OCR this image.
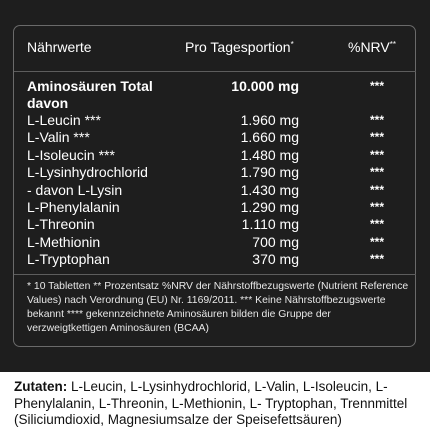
Nährwerte	Pro Tagesportion*	%NRV**
Aminosäuren Total	10.000 mg	***
davon
L-Leucin ***	1.960 mg	***
L-Valin ***	1.660 mg	***
L-Isoleucin ***	1.480 mg	***
L-Lysinhydrochlorid	1.790 mg	***
- davon L-Lysin	1.430 mg	***
L-Phenylalanin	1.290 mg	***
L-Threonin	1.110 mg	***
L-Methionin	700 mg	***
L-Tryptophan	370 mg	***
* 10 Tabletten ** Prozentsatz %NRV der Nährstoffbezugswerte (Nutrient Reference Values) nach Verordnung (EU) Nr. 1169/2011. *** Keine Nährstoffbezugswerte bekannt **** gekennzeichnete Aminosäuren bilden die Gruppe der verzweigtkettigen Aminosäuren (BCAA)
Zutaten: L-Leucin, L-Lysinhydrochlorid, L-Valin, L-Isoleucin, L-Phenylalanin, L-Threonin, L-Methionin, L- Tryptophan, Trennmittel (Siliciumdioxid, Magnesiumsalze der Speisefettsäuren)
